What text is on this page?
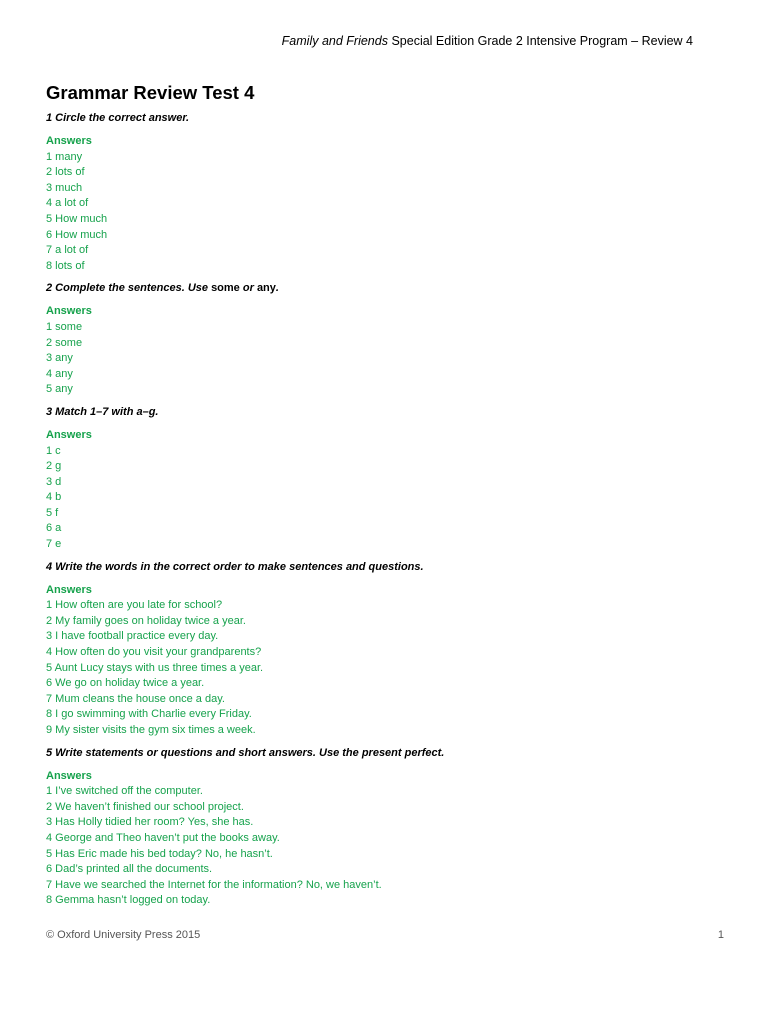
Family and Friends Special Edition Grade 2 Intensive Program – Review 4
Grammar Review Test 4
1 Circle the correct answer.
Answers
1 many
2 lots of
3 much
4 a lot of
5 How much
6 How much
7 a lot of
8 lots of
2 Complete the sentences. Use some or any.
Answers
1 some
2 some
3 any
4 any
5 any
3 Match 1–7 with a–g.
Answers
1 c
2 g
3 d
4 b
5 f
6 a
7 e
4 Write the words in the correct order to make sentences and questions.
Answers
1 How often are you late for school?
2 My family goes on holiday twice a year.
3 I have football practice every day.
4 How often do you visit your grandparents?
5 Aunt Lucy stays with us three times a year.
6 We go on holiday twice a year.
7 Mum cleans the house once a day.
8 I go swimming with Charlie every Friday.
9 My sister visits the gym six times a week.
5 Write statements or questions and short answers. Use the present perfect.
Answers
1 I’ve switched off the computer.
2 We haven’t finished our school project.
3 Has Holly tidied her room? Yes, she has.
4 George and Theo haven’t put the books away.
5 Has Eric made his bed today? No, he hasn’t.
6 Dad’s printed all the documents.
7 Have we searched the Internet for the information? No, we haven’t.
8 Gemma hasn’t logged on today.
© Oxford University Press 2015	1
